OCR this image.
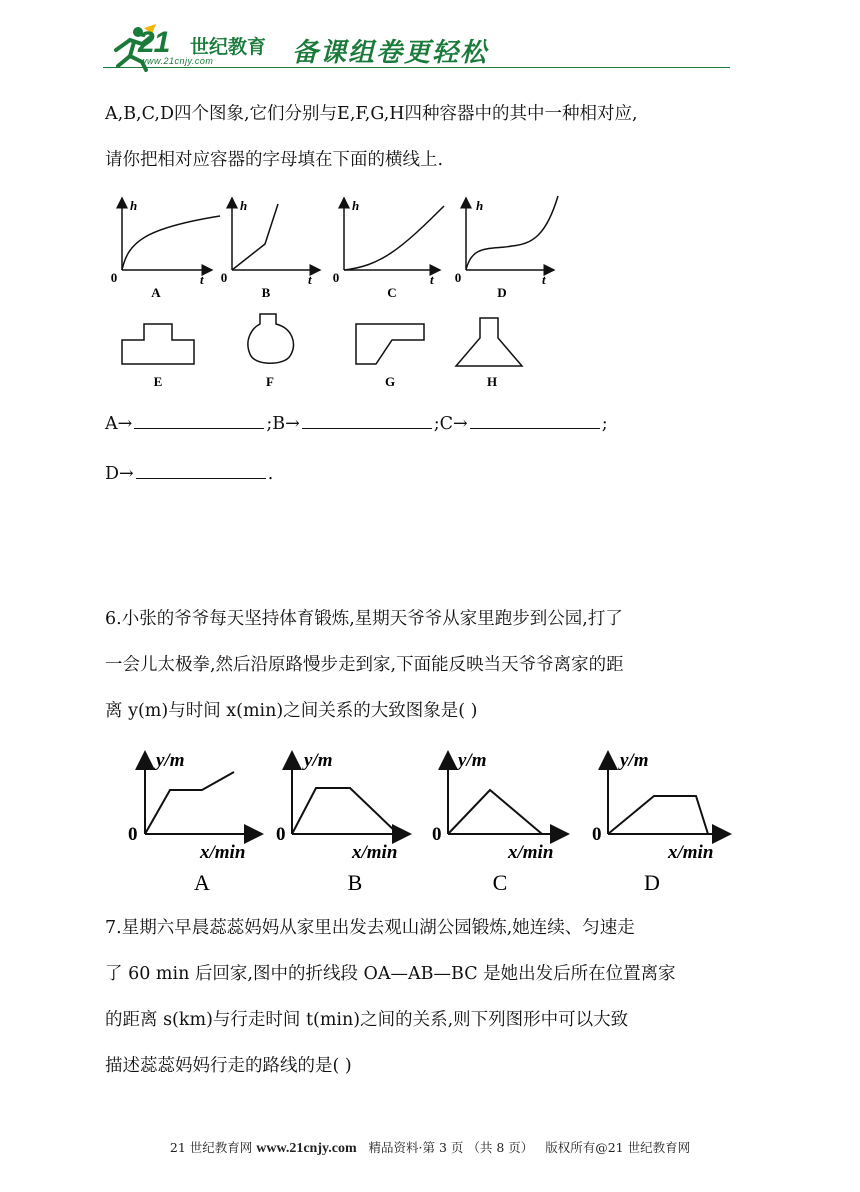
21 世纪教育
www.21cnjy.com	备课组卷更轻松
A,B,C,D四个图象,它们分别与E,F,G,H四种容器中的其中一种相对应,
请你把相对应容器的字母填在下面的横线上.
h
t
0
A
h
t
0
B
h
t
0
C
h
t
0
D
E	F	G	H
A→	;B→	;C→	;
D→	.
6.小张的爷爷每天坚持体育锻炼,星期天爷爷从家里跑步到公园,打了
一会儿太极拳,然后沿原路慢步走到家,下面能反映当天爷爷离家的距
离 y(m)与时间 x(min)之间关系的大致图象是( )
y/m
x/min
0
A
y/m
x/min
0
B
y/m
x/min
0
C
y/m
x/min
0
D
7.星期六早晨蕊蕊妈妈从家里出发去观山湖公园锻炼,她连续、匀速走
了 60 min 后回家,图中的折线段 OA—AB—BC 是她出发后所在位置离家
的距离 s(km)与行走时间 t(min)之间的关系,则下列图形中可以大致
描述蕊蕊妈妈行走的路线的是( )
21 世纪教育网 www.21cnjy.com 精品资料·第 3 页 （共 8 页） 版权所有@21 世纪教育网
